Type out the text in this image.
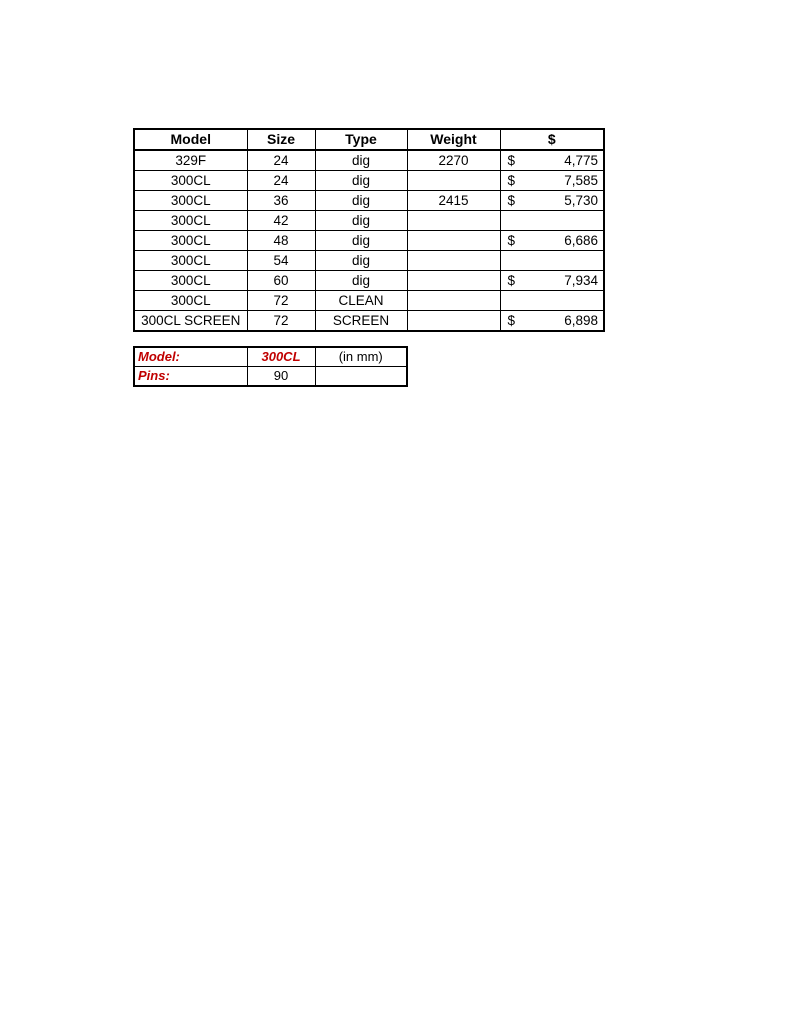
Model	Size	Type	Weight	$
329F	24	dig	2270	$ 4,775

300CL	24	dig		$ 7,585

300CL	36	dig	2415	$ 5,730

300CL	42	dig		

300CL	48	dig		$ 6,686

300CL	54	dig		

300CL	60	dig		$ 7,934

300CL	72	CLEAN		

300CL SCREEN	72	SCREEN		$ 6,898
Model:	300CL	(in mm)
Pins:	90	
